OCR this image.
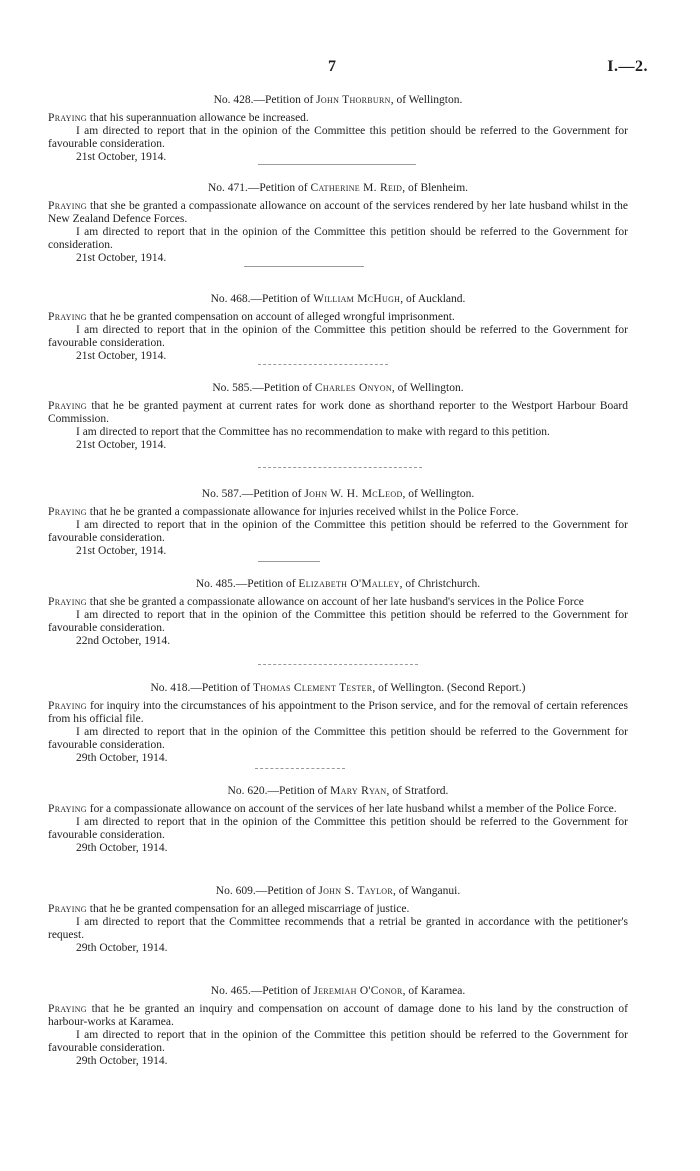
7	I.—2.
No. 428.—Petition of John Thorburn, of Wellington.

Praying that his superannuation allowance be increased.

I am directed to report that in the opinion of the Committee this petition should be referred to the Government for favourable consideration.

21st October, 1914.
No. 471.—Petition of Catherine M. Reid, of Blenheim.

Praying that she be granted a compassionate allowance on account of the services rendered by her late husband whilst in the New Zealand Defence Forces.

I am directed to report that in the opinion of the Committee this petition should be referred to the Government for consideration.

21st October, 1914.
No. 468.—Petition of William McHugh, of Auckland.

Praying that he be granted compensation on account of alleged wrongful imprisonment.

I am directed to report that in the opinion of the Committee this petition should be referred to the Government for favourable consideration.

21st October, 1914.
No. 585.—Petition of Charles Onyon, of Wellington.

Praying that he be granted payment at current rates for work done as shorthand reporter to the Westport Harbour Board Commission.

I am directed to report that the Committee has no recommendation to make with regard to this petition.

21st October, 1914.
No. 587.—Petition of John W. H. McLeod, of Wellington.

Praying that he be granted a compassionate allowance for injuries received whilst in the Police Force.

I am directed to report that in the opinion of the Committee this petition should be referred to the Government for favourable consideration.

21st October, 1914.
No. 485.—Petition of Elizabeth O'Malley, of Christchurch.

Praying that she be granted a compassionate allowance on account of her late husband's services in the Police Force

I am directed to report that in the opinion of the Committee this petition should be referred to the Government for favourable consideration.

22nd October, 1914.
No. 418.—Petition of Thomas Clement Tester, of Wellington. (Second Report.)

Praying for inquiry into the circumstances of his appointment to the Prison service, and for the removal of certain references from his official file.

I am directed to report that in the opinion of the Committee this petition should be referred to the Government for favourable consideration.

29th October, 1914.
No. 620.—Petition of Mary Ryan, of Stratford.

Praying for a compassionate allowance on account of the services of her late husband whilst a member of the Police Force.

I am directed to report that in the opinion of the Committee this petition should be referred to the Government for favourable consideration.

29th October, 1914.
No. 609.—Petition of John S. Taylor, of Wanganui.

Praying that he be granted compensation for an alleged miscarriage of justice.

I am directed to report that the Committee recommends that a retrial be granted in accordance with the petitioner's request.

29th October, 1914.
No. 465.—Petition of Jeremiah O'Conor, of Karamea.

Praying that he be granted an inquiry and compensation on account of damage done to his land by the construction of harbour-works at Karamea.

I am directed to report that in the opinion of the Committee this petition should be referred to the Government for favourable consideration.

29th October, 1914.
